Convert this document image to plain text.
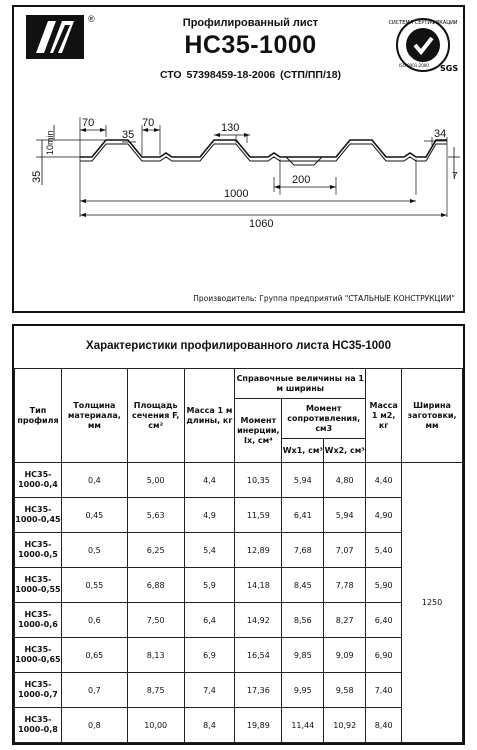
®	Профилированный лист
НС35-1000
СТО 57398459-18-2006 (СТП/ПП/18)
СИСТЕМА СЕРТИФИКАЦИИ
SGS
ISO 9001:2000
70	70
35
130	34
200
1000
1060
35
10min
7
Производитель: Группа предприятий "СТАЛЬНЫЕ КОНСТРУКЦИИ"
Характеристики профилированного листа НС35-1000
Тип профиля	Толщина материала, мм	Площадь сечения F, см²	Масса 1 м длины, кг	Справочные величины на 1 м ширины			Масса 1 м2, кг	Ширина заготовки, мм
				Момент инерции, Ix, см⁴	Момент сопротивления, см3			
					Wx1, см³	Wx2, см³		
НС35-1000-0,4	0,4	5,00	4,4	10,35	5,94	4,80	4,40	1250
НС35-1000-0,45	0,45	5,63	4,9	11,59	6,41	5,94	4,90	
НС35-1000-0,5	0,5	6,25	5,4	12,89	7,68	7,07	5,40	
НС35-1000-0,55	0,55	6,88	5,9	14,18	8,45	7,78	5,90	
НС35-1000-0,6	0,6	7,50	6,4	14,92	8,56	8,27	6,40	
НС35-1000-0,65	0,65	8,13	6,9	16,54	9,85	9,09	6,90	
НС35-1000-0,7	0,7	8,75	7,4	17,36	9,95	9,58	7,40	
НС35-1000-0,8	0,8	10,00	8,4	19,89	11,44	10,92	8,40	
